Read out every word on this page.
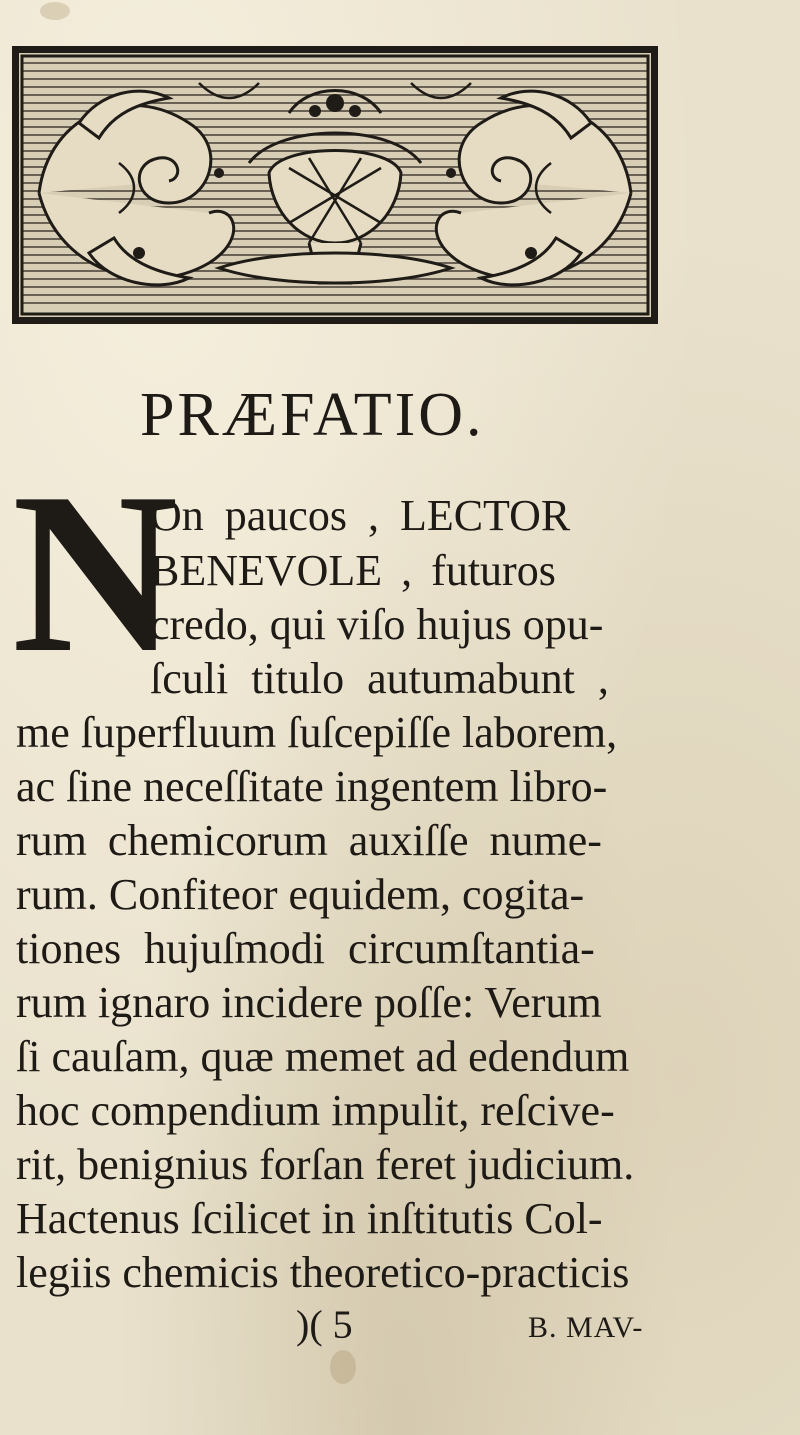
PRÆFATIO.
N
On paucos , LECTOR
BENEVOLE , futuros
credo, qui viſo hujus opu-
ſculi titulo autumabunt ,
me ſuperfluum ſuſcepiſſe laborem,
ac ſine neceſſitate ingentem libro-
rum chemicorum auxiſſe nume-
rum. Confiteor equidem, cogita-
tiones hujuſmodi circumſtantia-
rum ignaro incidere poſſe: Verum
ſi cauſam, quæ memet ad edendum
hoc compendium impulit, reſcive-
rit, benignius forſan feret judicium.
Hactenus ſcilicet in inſtitutis Col-
legiis chemicis theoretico-practicis
)( 5	B. MAV-
